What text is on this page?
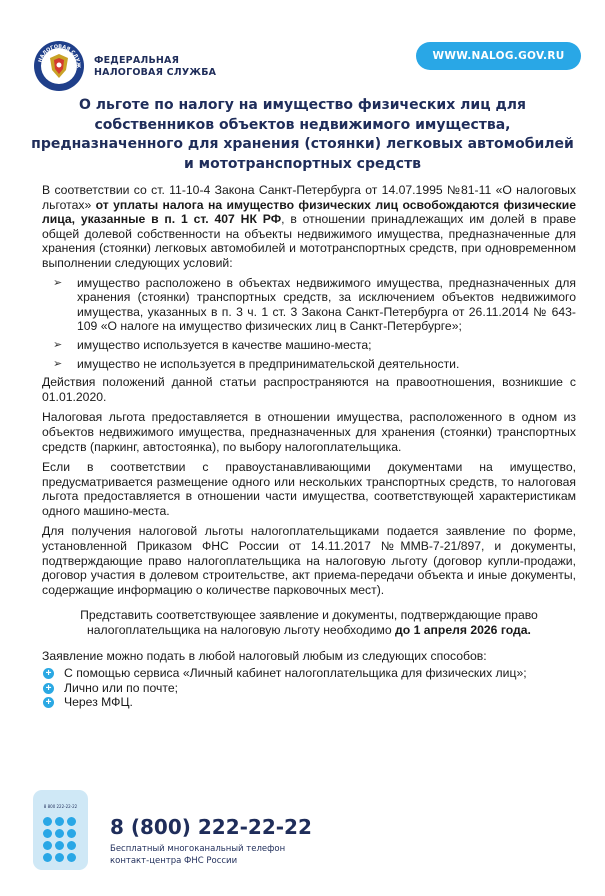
НАЛОГОВАЯ СЛУЖ ФЕДЕРАЛЬНАЯ
НАЛОГОВАЯ СЛУЖБА
WWW.NALOG.GOV.RU
О льготе по налогу на имущество физических лиц для собственников объектов недвижимого имущества, предназначенного для хранения (стоянки) легковых автомобилей и мототранспортных средств
В соответствии со ст. 11-10-4 Закона Санкт-Петербурга от 14.07.1995 №81-11 «О налоговых льготах» от уплаты налога на имущество физических лиц освобождаются физические лица, указанные в п. 1 ст. 407 НК РФ, в отношении принадлежащих им долей в праве общей долевой собственности на объекты недвижимого имущества, предназначенные для хранения (стоянки) легковых автомобилей и мототранспортных средств, при одновременном выполнении следующих условий:
➢ имущество расположено в объектах недвижимого имущества, предназначенных для хранения (стоянки) транспортных средств, за исключением объектов недвижимого имущества, указанных в п. 3 ч. 1 ст. 3 Закона Санкт-Петербурга от 26.11.2014 № 643-109 «О налоге на имущество физических лиц в Санкт-Петербурге»;
➢ имущество используется в качестве машино-места;
➢ имущество не используется в предпринимательской деятельности.
Действия положений данной статьи распространяются на правоотношения, возникшие с 01.01.2020.
Налоговая льгота предоставляется в отношении имущества, расположенного в одном из объектов недвижимого имущества, предназначенных для хранения (стоянки) транспортных средств (паркинг, автостоянка), по выбору налогоплательщика.
Если в соответствии с правоустанавливающими документами на имущество, предусматривается размещение одного или нескольких транспортных средств, то налоговая льгота предоставляется в отношении части имущества, соответствующей характеристикам одного машино-места.
Для получения налоговой льготы налогоплательщиками подается заявление по форме, установленной Приказом ФНС России от 14.11.2017 №ММВ-7-21/897, и документы, подтверждающие право налогоплательщика на налоговую льготу (договор купли-продажи, договор участия в долевом строительстве, акт приема-передачи объекта и иные документы, содержащие информацию о количестве парковочных мест).
Представить соответствующее заявление и документы, подтверждающие право налогоплательщика на налоговую льготу необходимо до 1 апреля 2026 года.
Заявление можно подать в любой налоговый любым из следующих способов:
+ С помощью сервиса «Личный кабинет налогоплательщика для физических лиц»;
+ Лично или по почте;
+ Через МФЦ.
8 800 222-22-22
8 (800) 222-22-22
Бесплатный многоканальный телефон
контакт-центра ФНС России
